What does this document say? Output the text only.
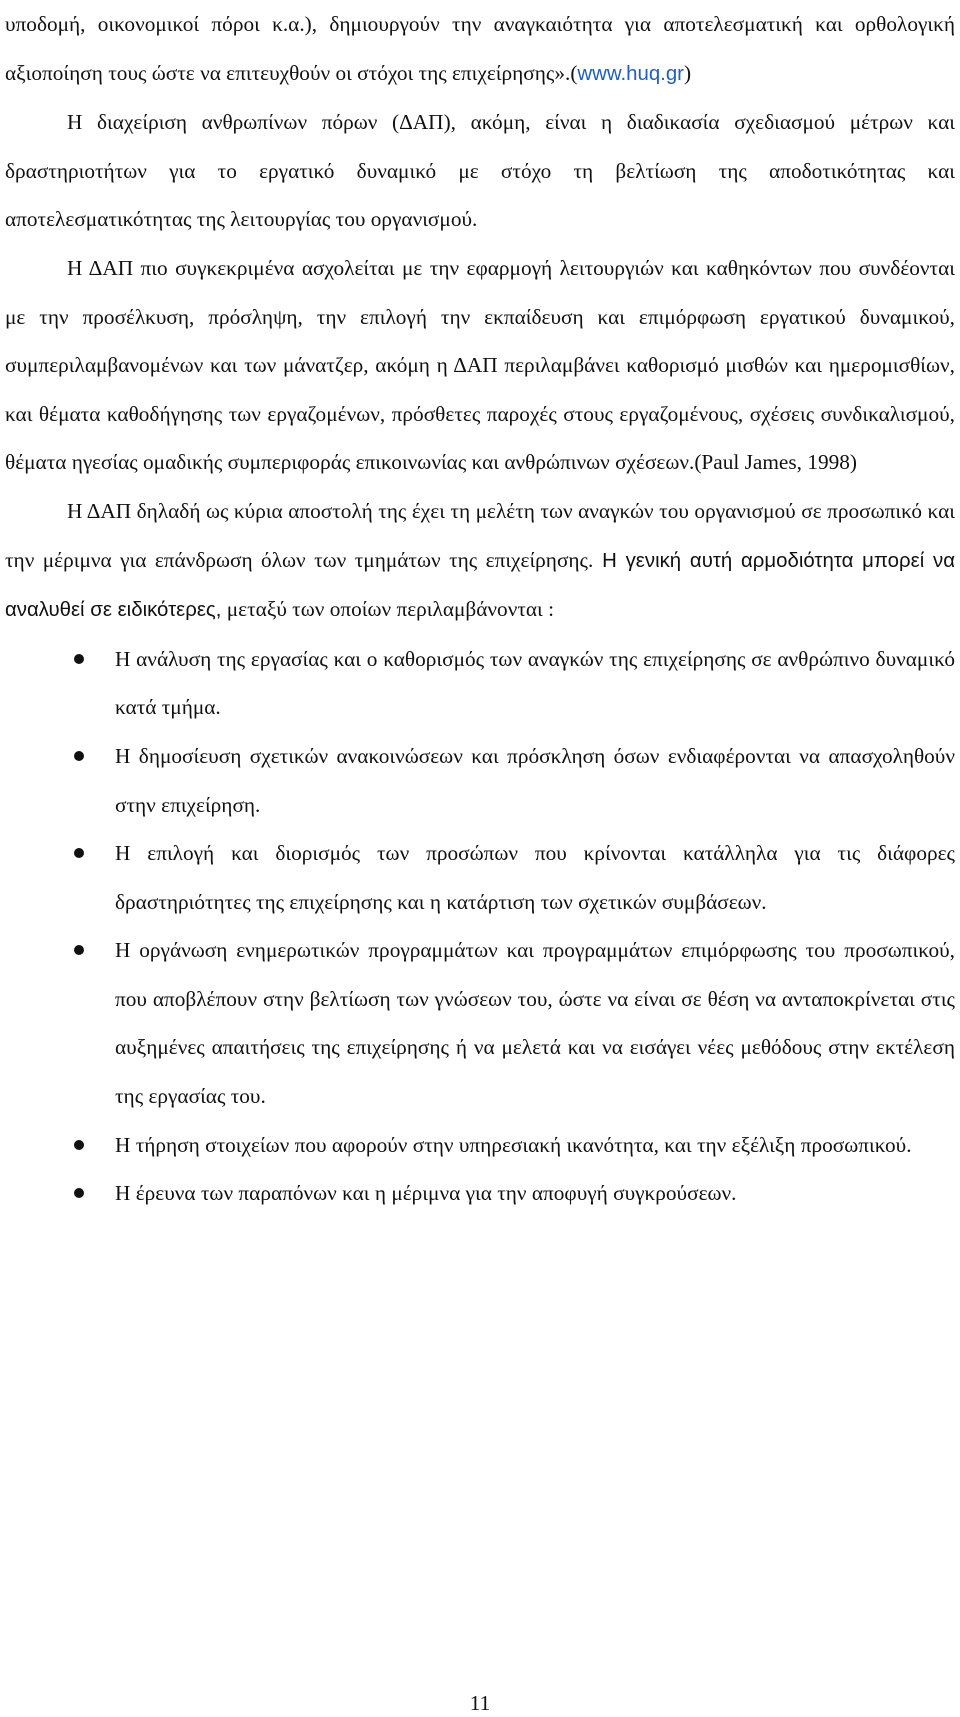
υποδομή, οικονομικοί πόροι κ.α.), δημιουργούν την αναγκαιότητα για αποτελεσματική και ορθολογική αξιοποίηση τους ώστε να επιτευχθούν οι στόχοι της επιχείρησης».(www.huq.gr)

Η διαχείριση ανθρωπίνων πόρων (ΔΑΠ), ακόμη, είναι η διαδικασία σχεδιασμού μέτρων και δραστηριοτήτων για το εργατικό δυναμικό με στόχο τη βελτίωση της αποδοτικότητας και αποτελεσματικότητας της λειτουργίας του οργανισμού.

Η ΔΑΠ πιο συγκεκριμένα ασχολείται με την εφαρμογή λειτουργιών και καθηκόντων που συνδέονται με την προσέλκυση, πρόσληψη, την επιλογή την εκπαίδευση και επιμόρφωση εργατικού δυναμικού, συμπεριλαμβανομένων και των μάνατζερ, ακόμη η ΔΑΠ περιλαμβάνει καθορισμό μισθών και ημερομισθίων, και θέματα καθοδήγησης των εργαζομένων, πρόσθετες παροχές στους εργαζομένους, σχέσεις συνδικαλισμού, θέματα ηγεσίας ομαδικής συμπεριφοράς επικοινωνίας και ανθρώπινων σχέσεων.(Paul James, 1998)

Η ΔΑΠ δηλαδή ως κύρια αποστολή της έχει τη μελέτη των αναγκών του οργανισμού σε προσωπικό και την μέριμνα για επάνδρωση όλων των τμημάτων της επιχείρησης. Η γενική αυτή αρμοδιότητα μπορεί να αναλυθεί σε ειδικότερες, μεταξύ των οποίων περιλαμβάνονται :

Η ανάλυση της εργασίας και ο καθορισμός των αναγκών της επιχείρησης σε ανθρώπινο δυναμικό κατά τμήμα.
Η δημοσίευση σχετικών ανακοινώσεων και πρόσκληση όσων ενδιαφέρονται να απασχοληθούν στην επιχείρηση.
Η επιλογή και διορισμός των προσώπων που κρίνονται κατάλληλα για τις διάφορες δραστηριότητες της επιχείρησης και η κατάρτιση των σχετικών συμβάσεων.
Η οργάνωση ενημερωτικών προγραμμάτων και προγραμμάτων επιμόρφωσης του προσωπικού, που αποβλέπουν στην βελτίωση των γνώσεων του, ώστε να είναι σε θέση να ανταποκρίνεται στις αυξημένες απαιτήσεις της επιχείρησης ή να μελετά και να εισάγει νέες μεθόδους στην εκτέλεση της εργασίας του.
Η τήρηση στοιχείων που αφορούν στην υπηρεσιακή ικανότητα, και την εξέλιξη προσωπικού.
Η έρευνα των παραπόνων και η μέριμνα για την αποφυγή συγκρούσεων.
11
